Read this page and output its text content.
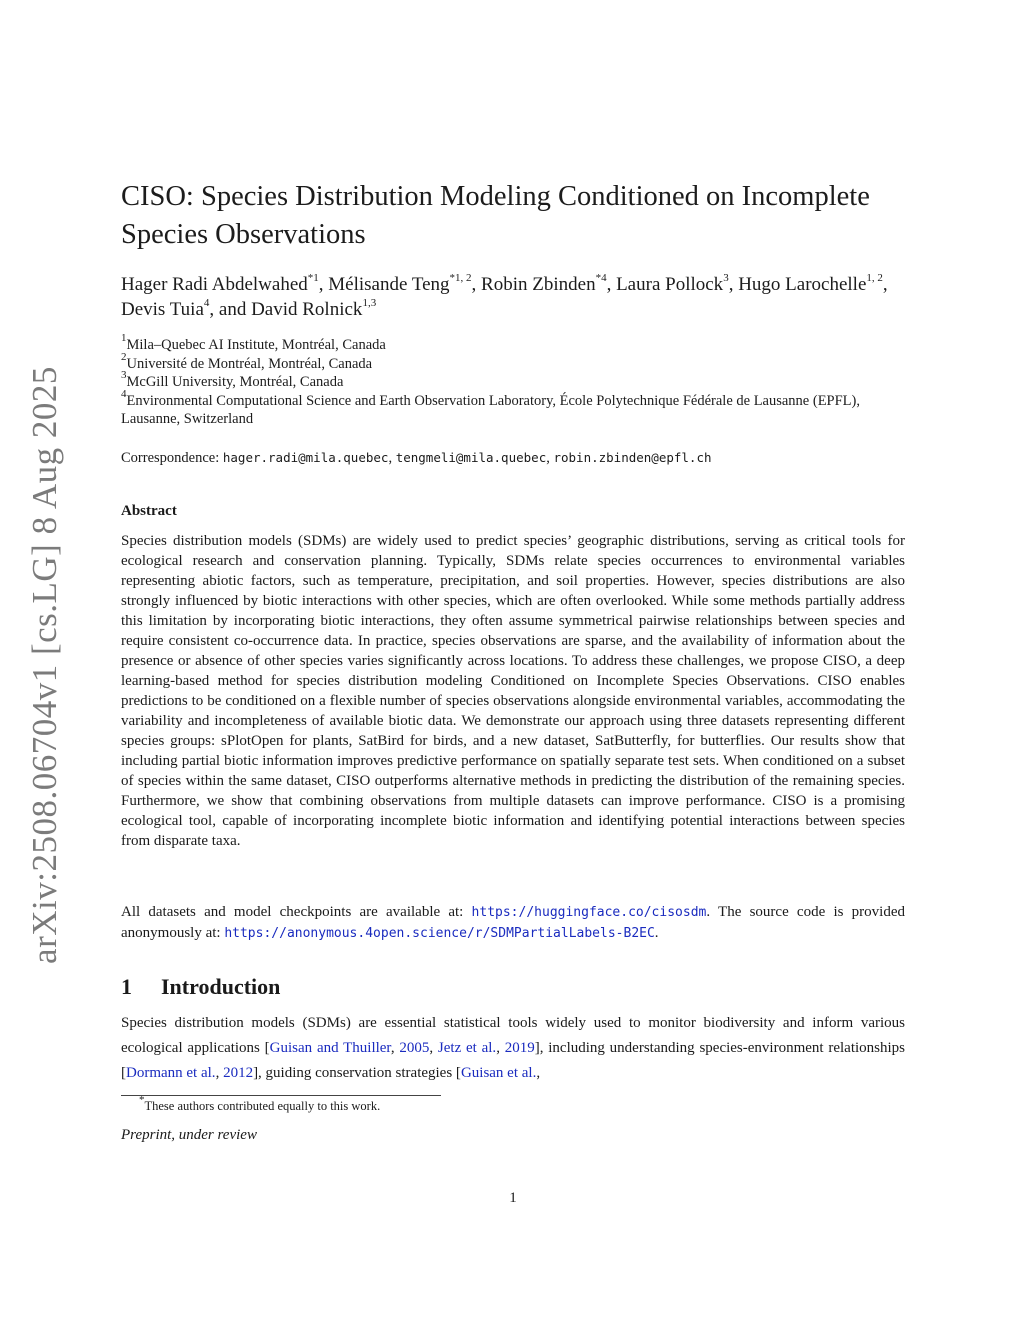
arXiv:2508.06704v1 [cs.LG] 8 Aug 2025
CISO: Species Distribution Modeling Conditioned on Incomplete Species Observations
Hager Radi Abdelwahed$^{*1}$, Mélisande Teng$^{*1, 2}$, Robin Zbinden$^{*4}$, Laura Pollock$^3$, Hugo Larochelle$^{1, 2}$, Devis Tuia$^4$, and David Rolnick$^{1,3}$
$^1$Mila–Quebec AI Institute, Montréal, Canada
$^2$Université de Montréal, Montréal, Canada
$^3$McGill University, Montréal, Canada
$^4$Environmental Computational Science and Earth Observation Laboratory, École Polytechnique Fédérale de Lausanne (EPFL), Lausanne, Switzerland
Correspondence: hager.radi@mila.quebec, tengmeli@mila.quebec, robin.zbinden@epfl.ch
Abstract

Species distribution models (SDMs) are widely used to predict species’ geographic distributions, serving as critical tools for ecological research and conservation planning. Typically, SDMs relate species occurrences to environmental variables representing abiotic factors, such as temperature, precipitation, and soil properties. However, species distributions are also strongly influenced by biotic interactions with other species, which are often overlooked. While some methods partially address this limitation by incorporating biotic interactions, they often assume symmetrical pairwise relationships between species and require consistent co-occurrence data. In practice, species observations are sparse, and the availability of information about the presence or absence of other species varies significantly across locations. To address these challenges, we propose CISO, a deep learning-based method for species distribution modeling Conditioned on Incomplete Species Observations. CISO enables predictions to be conditioned on a flexible number of species observations alongside environmental variables, accommodating the variability and incompleteness of available biotic data. We demonstrate our approach using three datasets representing different species groups: sPlotOpen for plants, SatBird for birds, and a new dataset, SatButterfly, for butterflies. Our results show that including partial biotic information improves predictive performance on spatially separate test sets. When conditioned on a subset of species within the same dataset, CISO outperforms alternative methods in predicting the distribution of the remaining species. Furthermore, we show that combining observations from multiple datasets can improve performance. CISO is a promising ecological tool, capable of incorporating incomplete biotic information and identifying potential interactions between species from disparate taxa.

All datasets and model checkpoints are available at: https://huggingface.co/cisosdm. The source code is provided anonymously at: https://anonymous.4open.science/r/SDMPartialLabels-B2EC.

1 Introduction

Species distribution models (SDMs) are essential statistical tools widely used to monitor biodiversity and inform various ecological applications [Guisan and Thuiller, 2005, Jetz et al., 2019], including understanding species-environment relationships [Dormann et al., 2012], guiding conservation strategies [Guisan et al.,

*These authors contributed equally to this work.
Preprint, under review
1
